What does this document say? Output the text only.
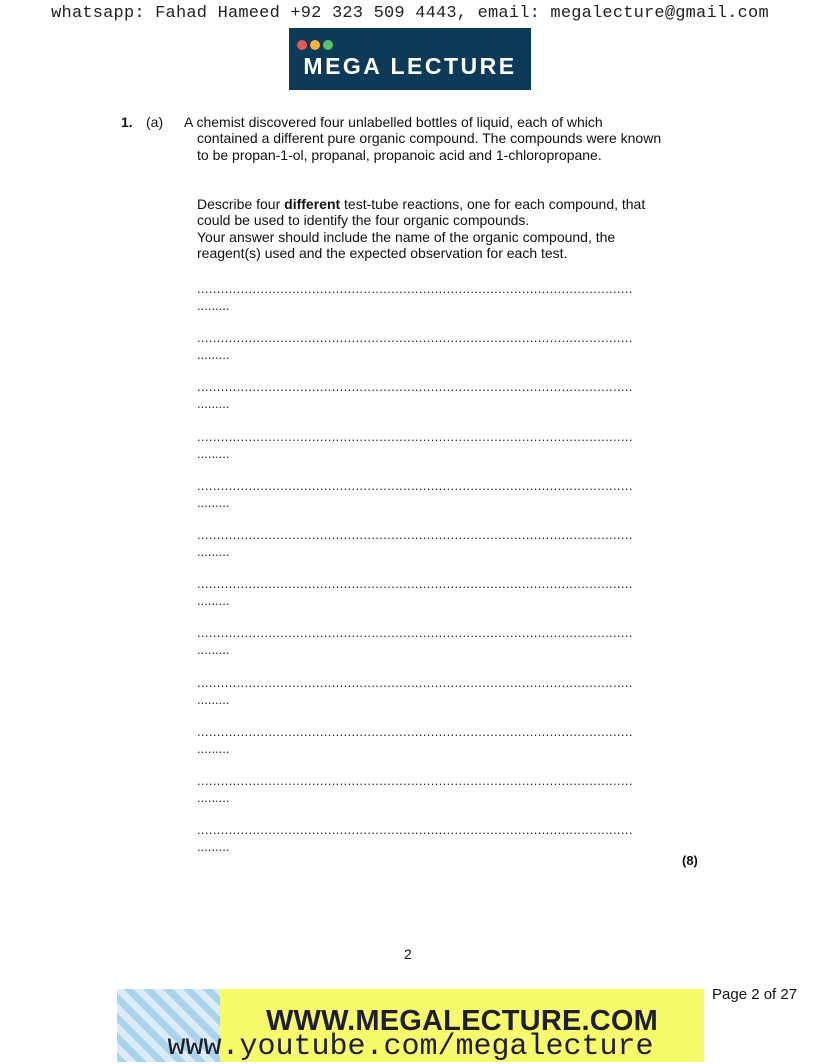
whatsapp: Fahad Hameed +92 323 509 4443, email: megalecture@gmail.com
MEGA LECTURE
1. (a) A chemist discovered four unlabelled bottles of liquid, each of which contained a different pure organic compound. The compounds were known to be propan-1-ol, propanal, propanoic acid and 1-chloropropane.
Describe four different test-tube reactions, one for each compound, that could be used to identify the four organic compounds.
Your answer should include the name of the organic compound, the reagent(s) used and the expected observation for each test.
..............................................................................................................
.........
..............................................................................................................
.........
..............................................................................................................
.........
..............................................................................................................
.........
..............................................................................................................
.........
..............................................................................................................
.........
..............................................................................................................
.........
..............................................................................................................
.........
..............................................................................................................
.........
..............................................................................................................
.........
..............................................................................................................
.........
..............................................................................................................
.........
(8)
2
Page 2 of 27
WWW.MEGALECTURE.COM
www.youtube.com/megalecture
